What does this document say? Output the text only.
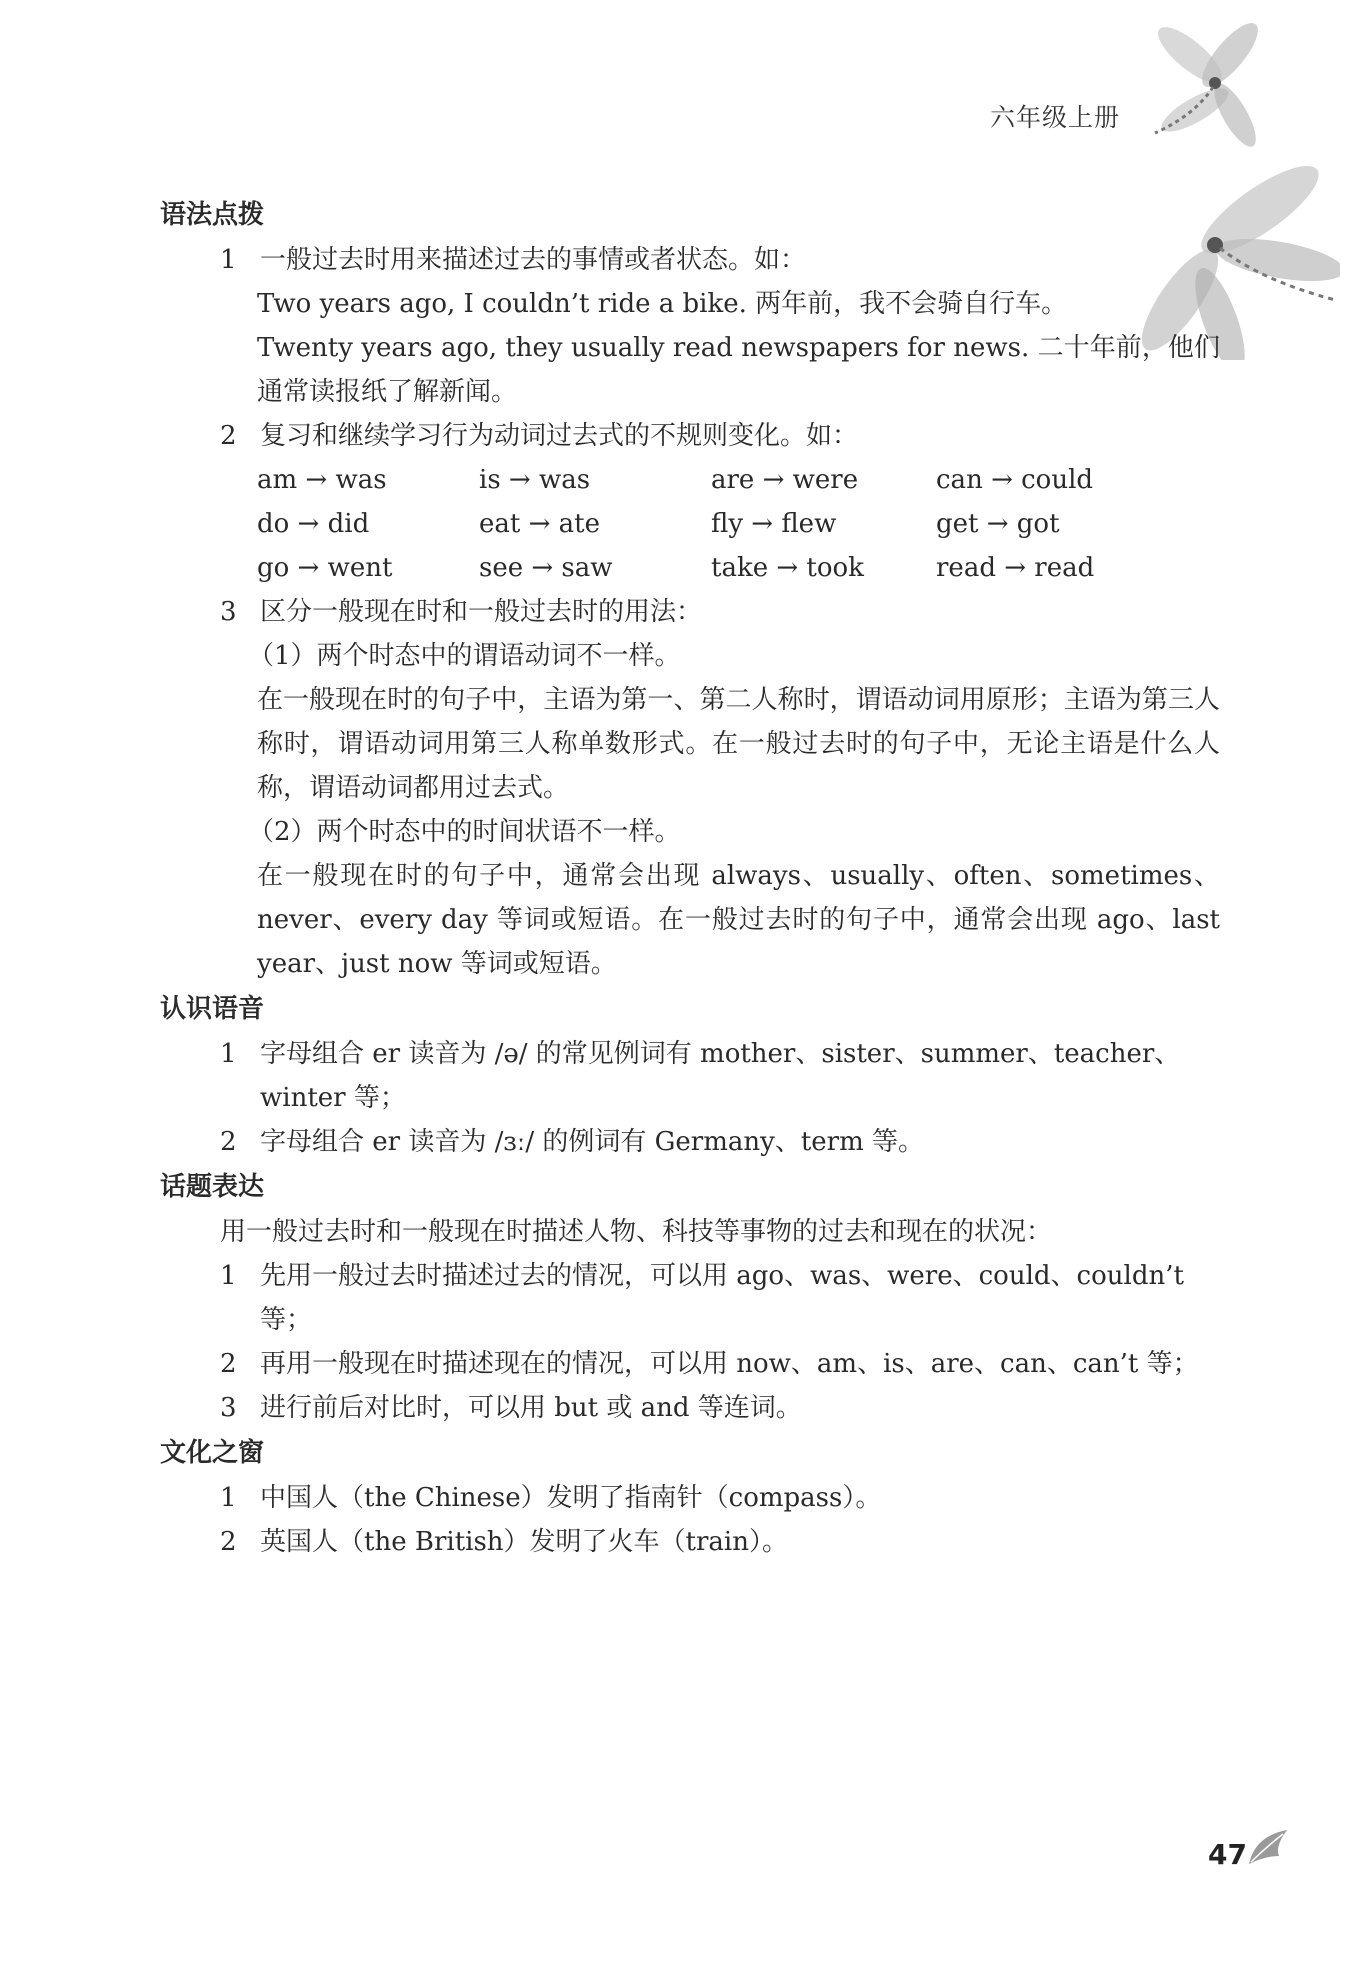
六年级上册
语法点拨
1 一般过去时用来描述过去的事情或者状态。如：
Two years ago, I couldn’t ride a bike. 两年前，我不会骑自行车。
Twenty years ago, they usually read newspapers for news. 二十年前，他们通常读报纸了解新闻。
2 复习和继续学习行为动词过去式的不规则变化。如：
am → was	is → was	are → were	can → could
do → did	eat → ate	fly → flew	get → got
go → went	see → saw	take → took	read → read
3 区分一般现在时和一般过去时的用法：
（1）两个时态中的谓语动词不一样。
在一般现在时的句子中，主语为第一、第二人称时，谓语动词用原形；主语为第三人称时，谓语动词用第三人称单数形式。在一般过去时的句子中，无论主语是什么人称，谓语动词都用过去式。
（2）两个时态中的时间状语不一样。
在一般现在时的句子中，通常会出现 always、usually、often、sometimes、never、every day 等词或短语。在一般过去时的句子中，通常会出现 ago、last year、just now 等词或短语。
认识语音
1 字母组合 er 读音为 /ə/ 的常见例词有 mother、sister、summer、teacher、winter 等；
2 字母组合 er 读音为 /ɜː/ 的例词有 Germany、term 等。
话题表达
用一般过去时和一般现在时描述人物、科技等事物的过去和现在的状况：
1 先用一般过去时描述过去的情况，可以用 ago、was、were、could、couldn’t 等；
2 再用一般现在时描述现在的情况，可以用 now、am、is、are、can、can’t 等；
3 进行前后对比时，可以用 but 或 and 等连词。
文化之窗
1 中国人（the Chinese）发明了指南针（compass）。
2 英国人（the British）发明了火车（train）。
47
